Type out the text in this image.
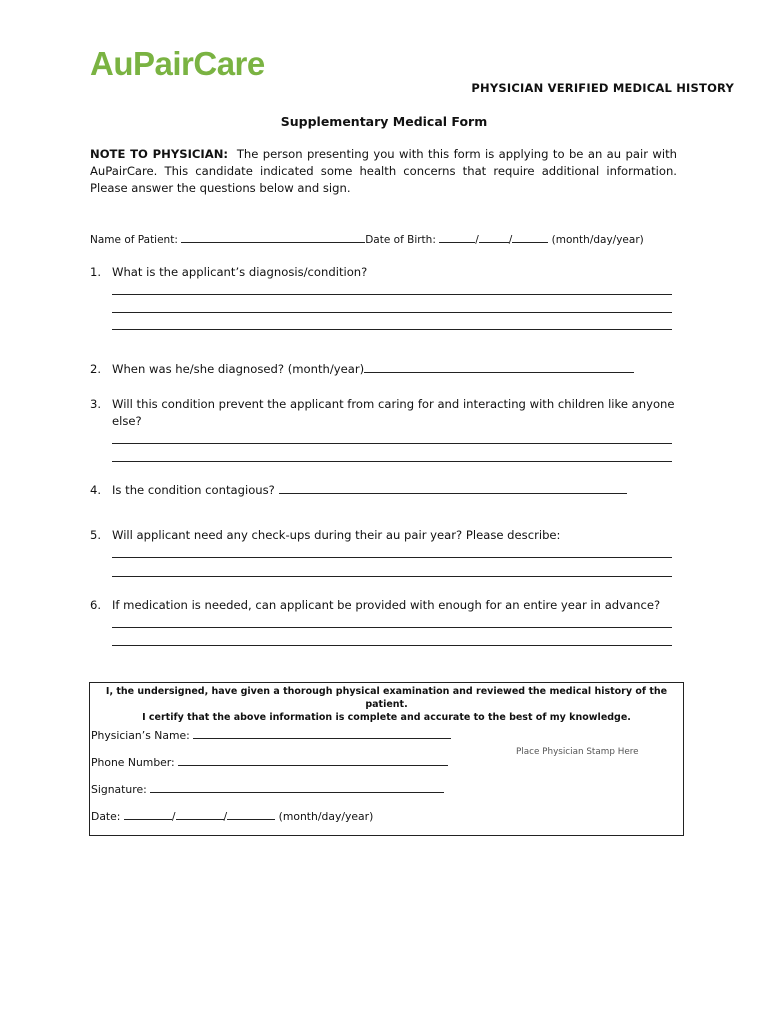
AuPairCare
PHYSICIAN VERIFIED MEDICAL HISTORY
Supplementary Medical Form
NOTE TO PHYSICIAN: The person presenting you with this form is applying to be an au pair with AuPairCare. This candidate indicated some health concerns that require additional information. Please answer the questions below and sign.
Name of Patient:	Date of Birth:	/	/	(month/day/year)
1. What is the applicant’s diagnosis/condition?
2. When was he/she diagnosed? (month/year)
3. Will this condition prevent the applicant from caring for and interacting with children like anyone else?
4. Is the condition contagious?
5. Will applicant need any check-ups during their au pair year? Please describe:
6. If medication is needed, can applicant be provided with enough for an entire year in advance?
I, the undersigned, have given a thorough physical examination and reviewed the medical history of the patient.
I certify that the above information is complete and accurate to the best of my knowledge.
Physician’s Name:
Phone Number:
Signature:
Date:	/	/	(month/day/year)
Place Physician Stamp Here
